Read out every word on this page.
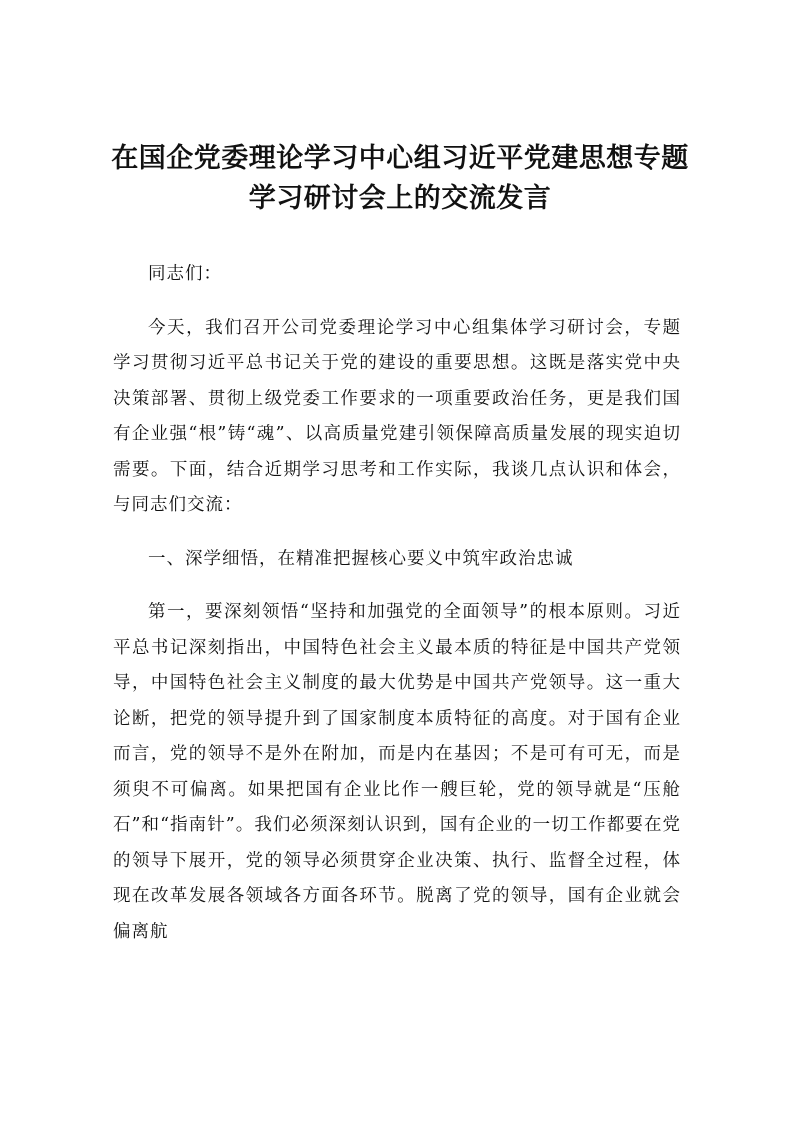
在国企党委理论学习中心组习近平党建思想专题学习研讨会上的交流发言

同志们：

今天，我们召开公司党委理论学习中心组集体学习研讨会，专题学习贯彻习近平总书记关于党的建设的重要思想。这既是落实党中央决策部署、贯彻上级党委工作要求的一项重要政治任务，更是我们国有企业强“根”铸“魂”、以高质量党建引领保障高质量发展的现实迫切需要。下面，结合近期学习思考和工作实际，我谈几点认识和体会，与同志们交流：

一、深学细悟，在精准把握核心要义中筑牢政治忠诚

第一，要深刻领悟“坚持和加强党的全面领导”的根本原则。习近平总书记深刻指出，中国特色社会主义最本质的特征是中国共产党领导，中国特色社会主义制度的最大优势是中国共产党领导。这一重大论断，把党的领导提升到了国家制度本质特征的高度。对于国有企业而言，党的领导不是外在附加，而是内在基因；不是可有可无，而是须臾不可偏离。如果把国有企业比作一艘巨轮，党的领导就是“压舱石”和“指南针”。我们必须深刻认识到，国有企业的一切工作都要在党的领导下展开，党的领导必须贯穿企业决策、执行、监督全过程，体现在改革发展各领域各方面各环节。脱离了党的领导，国有企业就会偏离航
